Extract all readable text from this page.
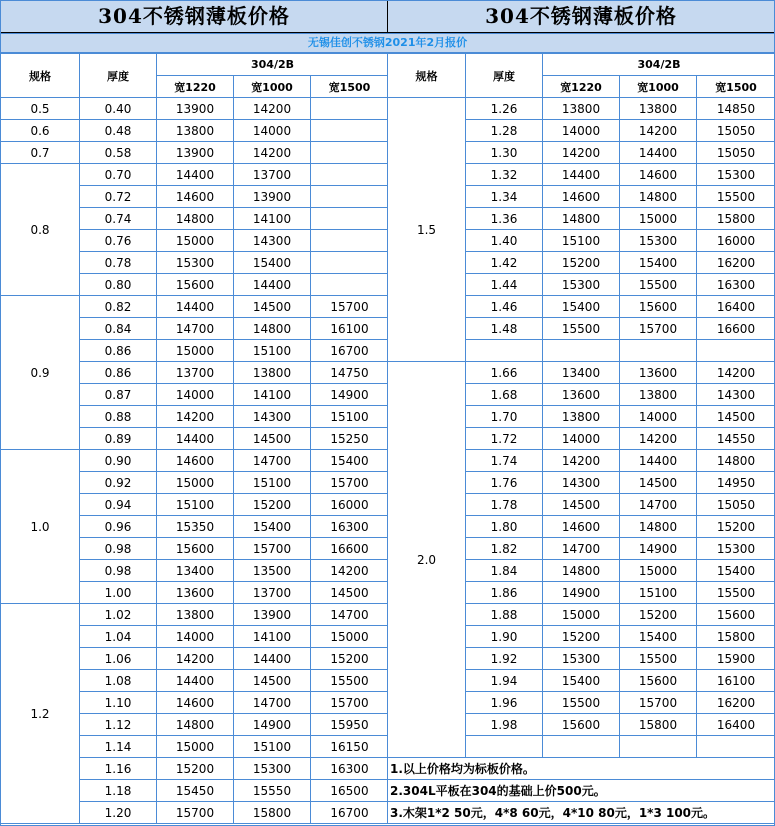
304不锈钢薄板价格	304不锈钢薄板价格
无锡佳创不锈钢2021年2月报价
规格	厚度	304/2B		
		宽1220	宽1000	宽1500
0.5	0.40	13900	14200	
0.6	0.48	13800	14000	
0.7	0.58	13900	14200	
0.8	0.70	14400	13700	
	0.72	14600	13900	
	0.74	14800	14100	
	0.76	15000	14300	
	0.78	15300	15400	
	0.80	15600	14400	
0.9	0.82	14400	14500	15700
	0.84	14700	14800	16100
	0.86	15000	15100	16700
	0.86	13700	13800	14750
	0.87	14000	14100	14900
	0.88	14200	14300	15100
	0.89	14400	14500	15250
1.0	0.90	14600	14700	15400
	0.92	15000	15100	15700
	0.94	15100	15200	16000
	0.96	15350	15400	16300
	0.98	15600	15700	16600
	0.98	13400	13500	14200
	1.00	13600	13700	14500
1.2	1.02	13800	13900	14700
	1.04	14000	14100	15000
	1.06	14200	14400	15200
	1.08	14400	14500	15500
	1.10	14600	14700	15700
	1.12	14800	14900	15950
	1.14	15000	15100	16150
	1.16	15200	15300	16300
	1.18	15450	15550	16500
	1.20	15700	15800	16700
规格	厚度	304/2B		
		宽1220	宽1000	宽1500
1.5	1.26	13800	13800	14850
	1.28	14000	14200	15050
	1.30	14200	14400	15050
	1.32	14400	14600	15300
	1.34	14600	14800	15500
	1.36	14800	15000	15800
	1.40	15100	15300	16000
	1.42	15200	15400	16200
	1.44	15300	15500	16300
	1.46	15400	15600	16400
	1.48	15500	15700	16600

2.0	1.66	13400	13600	14200
	1.68	13600	13800	14300
	1.70	13800	14000	14500
	1.72	14000	14200	14550
	1.74	14200	14400	14800
	1.76	14300	14500	14950
	1.78	14500	14700	15050
	1.80	14600	14800	15200
	1.82	14700	14900	15300
	1.84	14800	15000	15400
	1.86	14900	15100	15500
	1.88	15000	15200	15600
	1.90	15200	15400	15800
	1.92	15300	15500	15900
	1.94	15400	15600	16100
	1.96	15500	15700	16200
	1.98	15600	15800	16400

1.以上价格均为标板价格。				
2.304L平板在304的基础上价500元。				
3.木架1*2 50元，4*8 60元，4*10 80元，1*3 100元。				
